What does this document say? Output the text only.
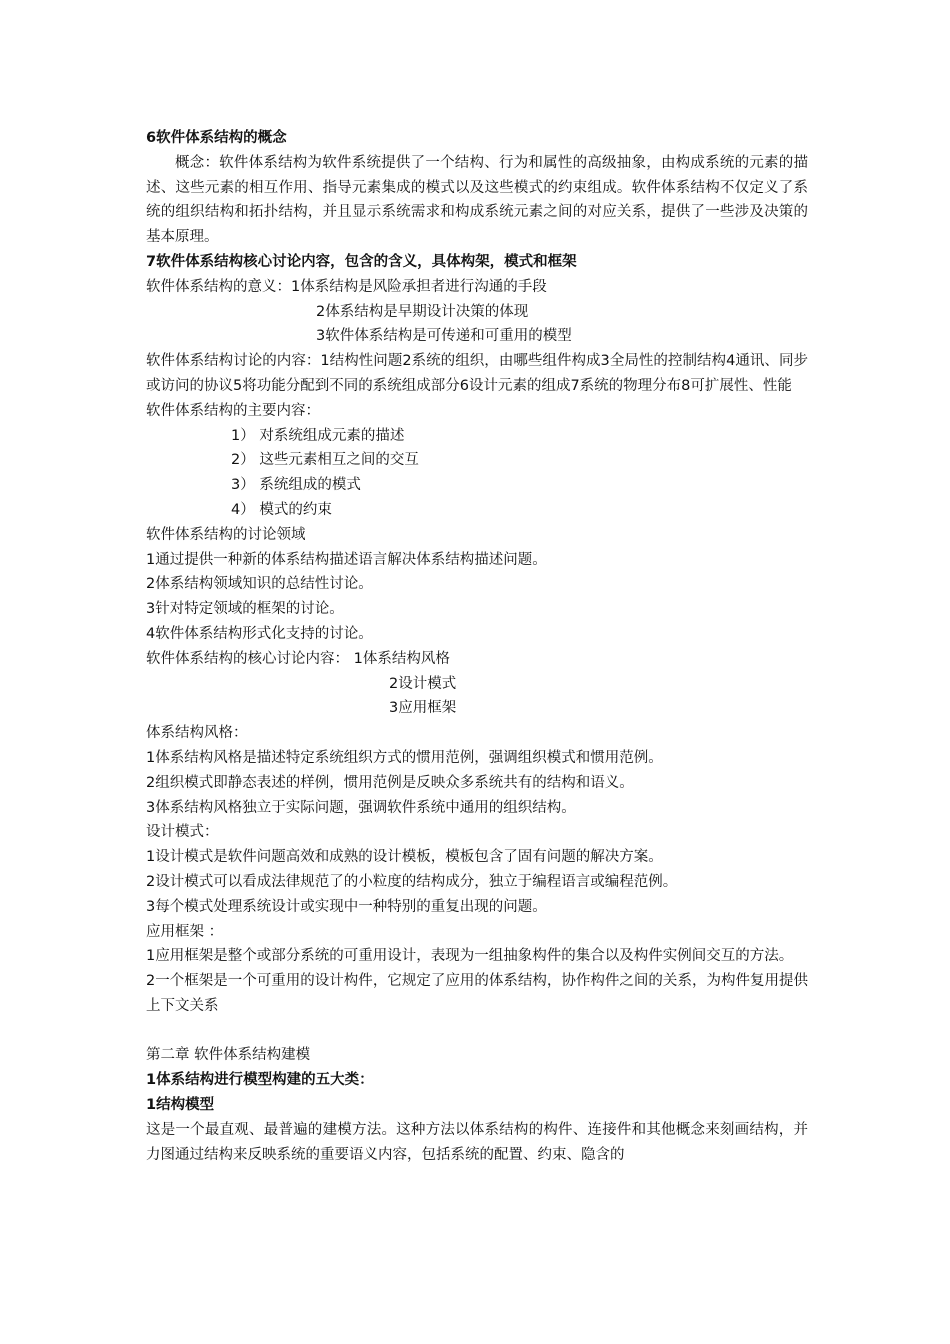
6软件体系结构的概念
概念：软件体系结构为软件系统提供了一个结构、行为和属性的高级抽象，由构成系统的元素的描述、这些元素的相互作用、指导元素集成的模式以及这些模式的约束组成。软件体系结构不仅定义了系统的组织结构和拓扑结构，并且显示系统需求和构成系统元素之间的对应关系，提供了一些涉及决策的基本原理。
7软件体系结构核心讨论内容，包含的含义，具体构架，模式和框架
软件体系结构的意义：1体系结构是风险承担者进行沟通的手段
2体系结构是早期设计决策的体现
3软件体系结构是可传递和可重用的模型
软件体系结构讨论的内容：1结构性问题2系统的组织，由哪些组件构成3全局性的控制结构4通讯、同步或访问的协议5将功能分配到不同的系统组成部分6设计元素的组成7系统的物理分布8可扩展性、性能
软件体系结构的主要内容：
1） 对系统组成元素的描述
2） 这些元素相互之间的交互
3） 系统组成的模式
4） 模式的约束
软件体系结构的讨论领域
1通过提供一种新的体系结构描述语言解决体系结构描述问题。
2体系结构领域知识的总结性讨论。
3针对特定领域的框架的讨论。
4软件体系结构形式化支持的讨论。
软件体系结构的核心讨论内容： 1体系结构风格
2设计模式
3应用框架
体系结构风格：
1体系结构风格是描述特定系统组织方式的惯用范例，强调组织模式和惯用范例。
2组织模式即静态表述的样例，惯用范例是反映众多系统共有的结构和语义。
3体系结构风格独立于实际问题，强调软件系统中通用的组织结构。
设计模式：
1设计模式是软件问题高效和成熟的设计模板，模板包含了固有问题的解决方案。
2设计模式可以看成法律规范了的小粒度的结构成分，独立于编程语言或编程范例。
3每个模式处理系统设计或实现中一种特别的重复出现的问题。
应用框架 ：
1应用框架是整个或部分系统的可重用设计，表现为一组抽象构件的集合以及构件实例间交互的方法。
2一个框架是一个可重用的设计构件，它规定了应用的体系结构，协作构件之间的关系，为构件复用提供上下文关系
第二章 软件体系结构建模
1体系结构进行模型构建的五大类：
1结构模型
这是一个最直观、最普遍的建模方法。这种方法以体系结构的构件、连接件和其他概念来刻画结构，并力图通过结构来反映系统的重要语义内容，包括系统的配置、约束、隐含的
